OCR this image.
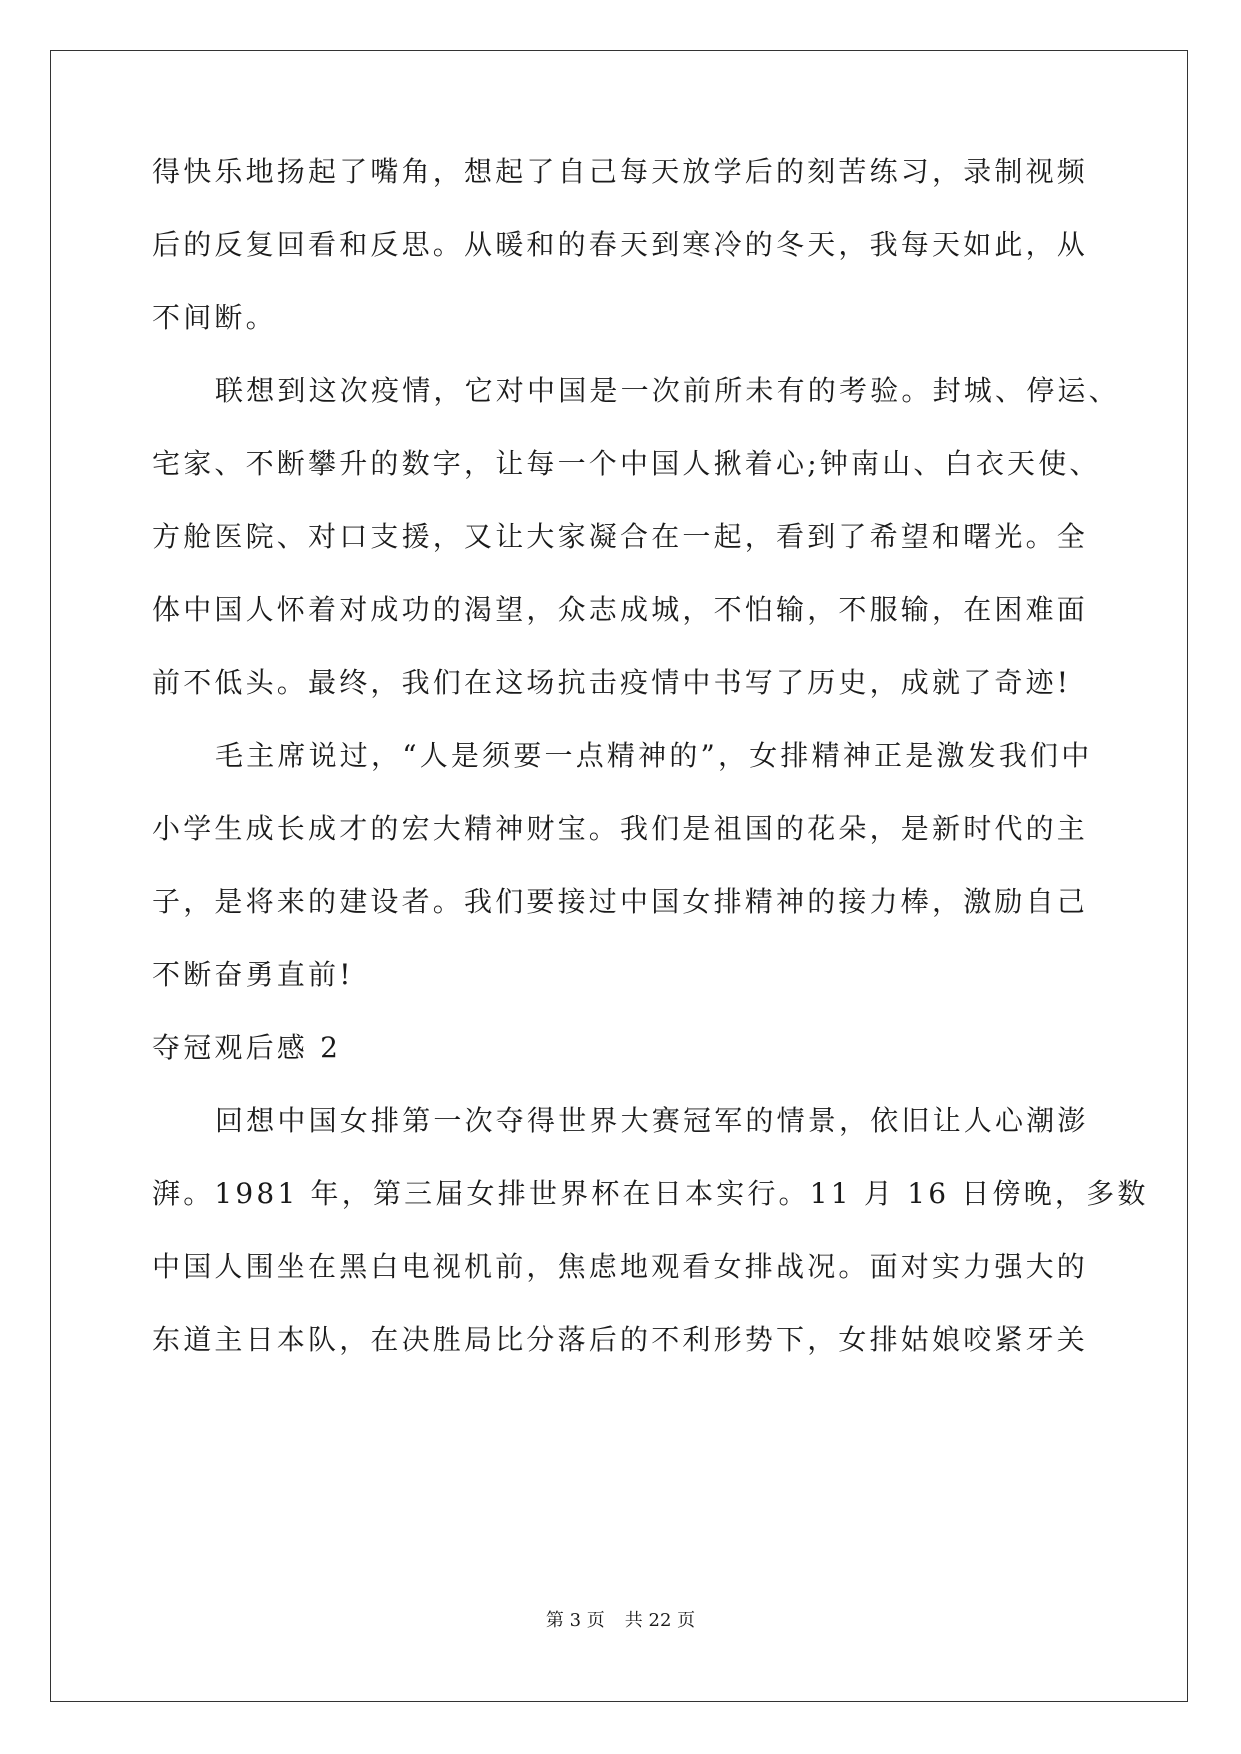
得快乐地扬起了嘴角，想起了自己每天放学后的刻苦练习，录制视频
后的反复回看和反思。从暖和的春天到寒冷的冬天，我每天如此，从
不间断。
联想到这次疫情，它对中国是一次前所未有的考验。封城、停运、
宅家、不断攀升的数字，让每一个中国人揪着心;钟南山、白衣天使、
方舱医院、对口支援，又让大家凝合在一起，看到了希望和曙光。全
体中国人怀着对成功的渴望，众志成城，不怕输，不服输，在困难面
前不低头。最终，我们在这场抗击疫情中书写了历史，成就了奇迹!
毛主席说过，“人是须要一点精神的”，女排精神正是激发我们中
小学生成长成才的宏大精神财宝。我们是祖国的花朵，是新时代的主
子，是将来的建设者。我们要接过中国女排精神的接力棒，激励自己
不断奋勇直前!
夺冠观后感 2
回想中国女排第一次夺得世界大赛冠军的情景，依旧让人心潮澎
湃。1981 年，第三届女排世界杯在日本实行。11 月 16 日傍晚，多数
中国人围坐在黑白电视机前，焦虑地观看女排战况。面对实力强大的
东道主日本队，在决胜局比分落后的不利形势下，女排姑娘咬紧牙关
第 3 页 共 22 页
